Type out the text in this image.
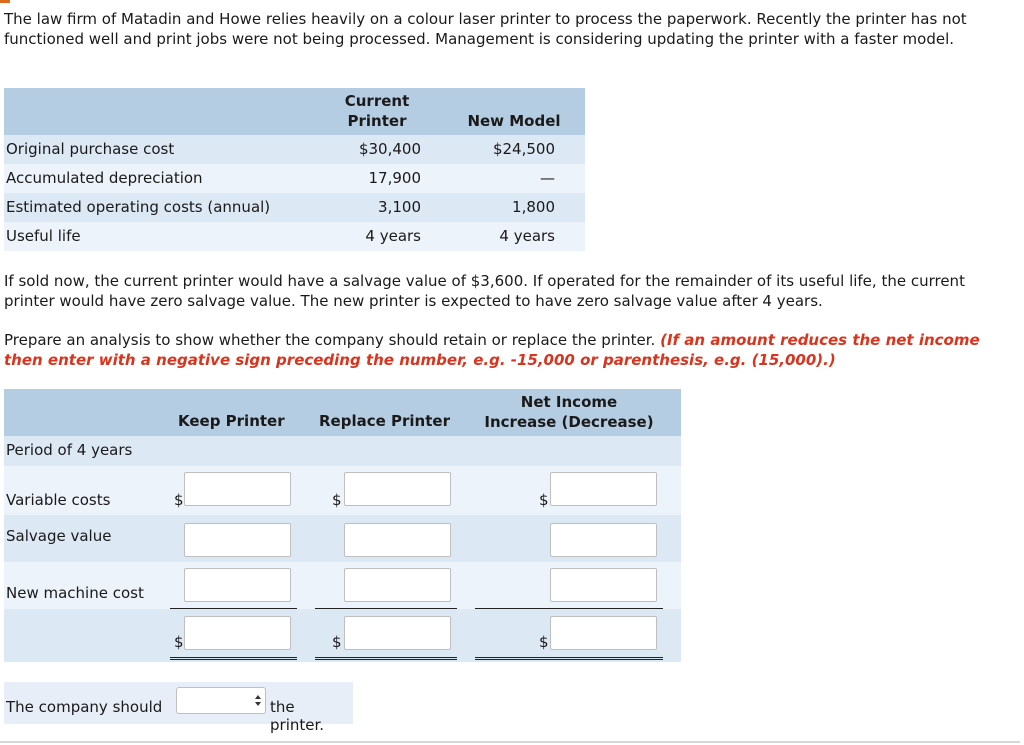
The law firm of Matadin and Howe relies heavily on a colour laser printer to process the paperwork. Recently the printer has not functioned well and print jobs were not being processed. Management is considering updating the printer with a faster model.

Current
Printer	New Model
Original purchase cost	$30,400	$24,500
Accumulated depreciation	17,900	—
Estimated operating costs (annual)	3,100	1,800
Useful life	4 years	4 years

If sold now, the current printer would have a salvage value of $3,600. If operated for the remainder of its useful life, the current printer would have zero salvage value. The new printer is expected to have zero salvage value after 4 years.

Prepare an analysis to show whether the company should retain or replace the printer. (If an amount reduces the net income then enter with a negative sign preceding the number, e.g. -15,000 or parenthesis, e.g. (15,000).)

Keep Printer Replace Printer
Net Income
Increase (Decrease)
Period of 4 years
Variable costs	$	$	$
Salvage value
New machine cost
$	$	$
The company should	the printer.
